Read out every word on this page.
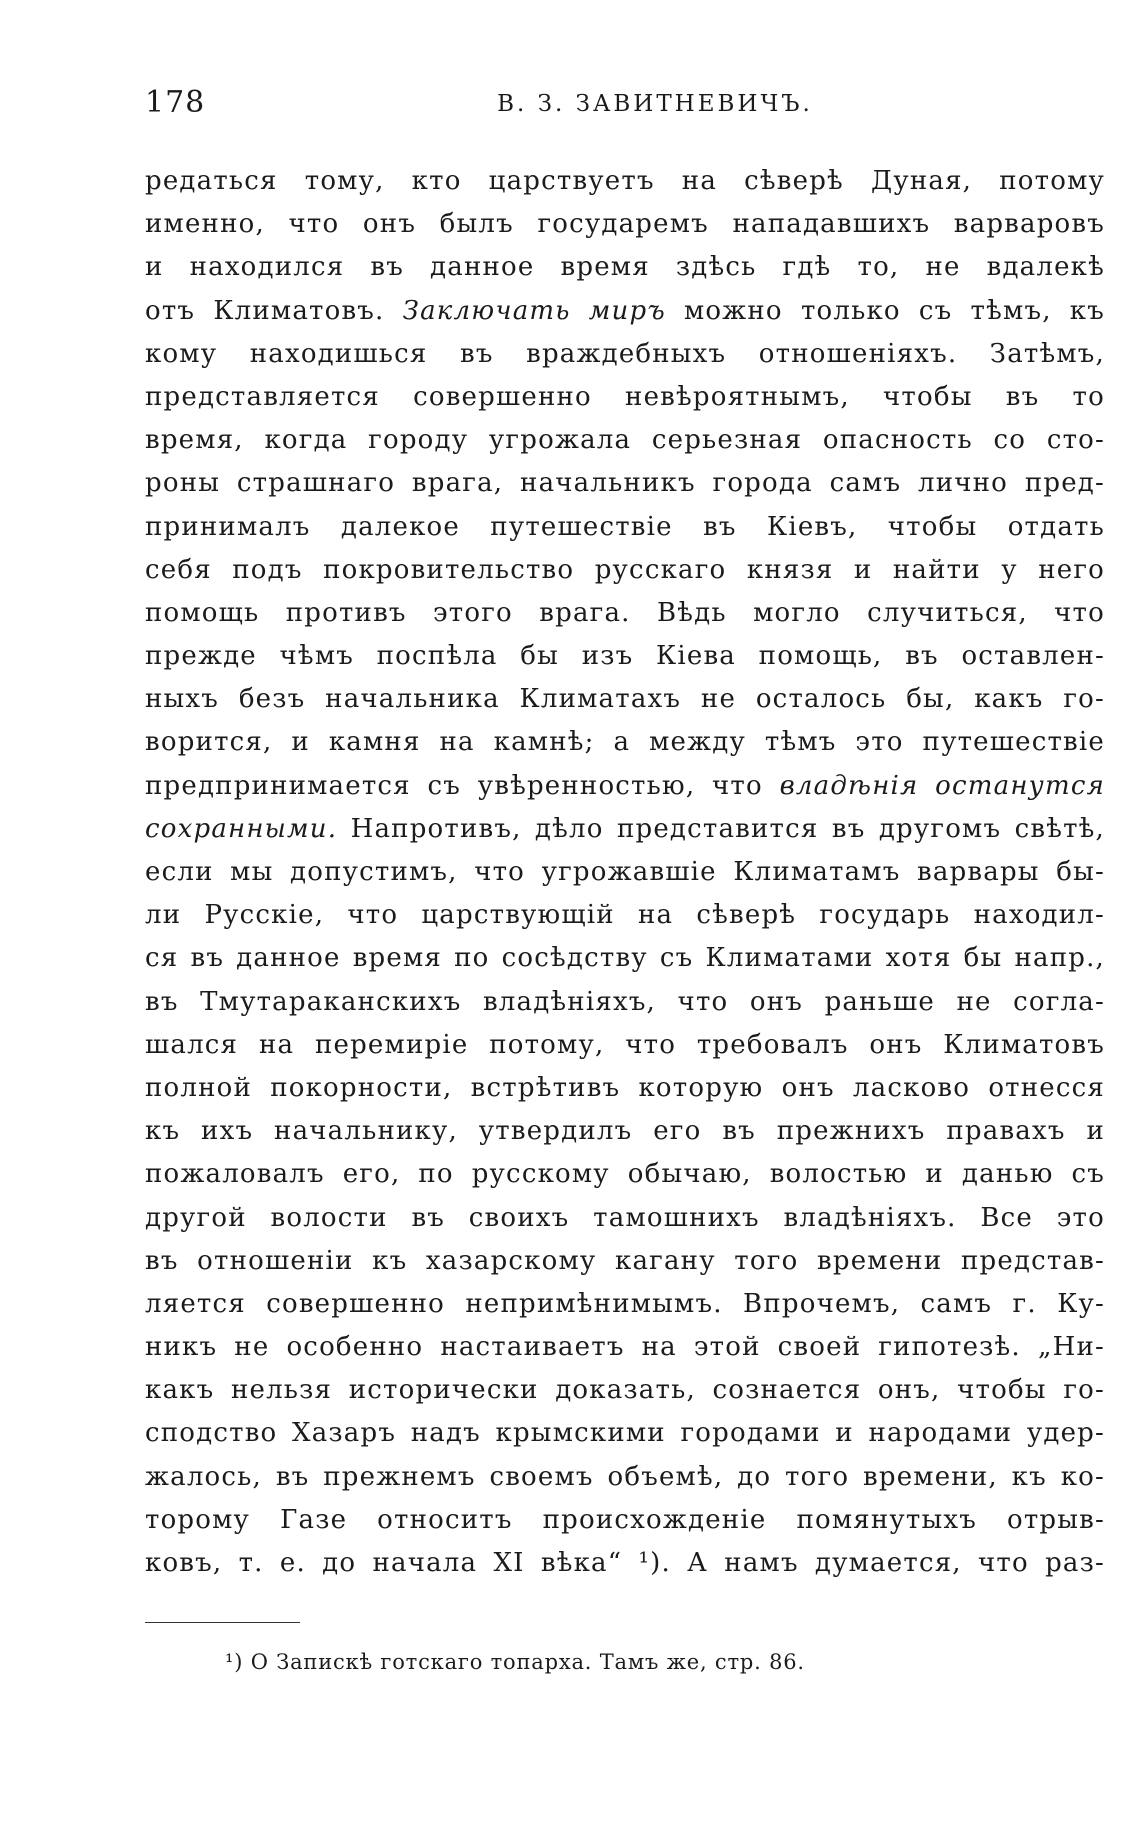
178	В. З. ЗАВИТНЕВИЧЪ.
редаться тому, кто царствуетъ на сѣверѣ Дуная, потому
именно, что онъ былъ государемъ нападавшихъ варваровъ
и находился въ данное время здѣсь гдѣ то, не вдалекѣ
отъ Климатовъ. Заключать миръ можно только съ тѣмъ, къ
кому находишься въ враждебныхъ отношеніяхъ. Затѣмъ,
представляется совершенно невѣроятнымъ, чтобы въ то
время, когда городу угрожала серьезная опасность со сто-
роны страшнаго врага, начальникъ города самъ лично пред-
принималъ далекое путешествіе въ Кіевъ, чтобы отдать
себя подъ покровительство русскаго князя и найти у него
помощь противъ этого врага. Вѣдь могло случиться, что
прежде чѣмъ поспѣла бы изъ Кіева помощь, въ оставлен-
ныхъ безъ начальника Климатахъ не осталось бы, какъ го-
ворится, и камня на камнѣ; а между тѣмъ это путешествіе
предпринимается съ увѣренностью, что владѣнія останутся
сохранными. Напротивъ, дѣло представится въ другомъ свѣтѣ,
если мы допустимъ, что угрожавшіе Климатамъ варвары бы-
ли Русскіе, что царствующій на сѣверѣ государь находил-
ся въ данное время по сосѣдству съ Климатами хотя бы напр.,
въ Тмутараканскихъ владѣніяхъ, что онъ раньше не согла-
шался на перемиріе потому, что требовалъ онъ Климатовъ
полной покорности, встрѣтивъ которую онъ ласково отнесся
къ ихъ начальнику, утвердилъ его въ прежнихъ правахъ и
пожаловалъ его, по русскому обычаю, волостью и данью съ
другой волости въ своихъ тамошнихъ владѣніяхъ. Все это
въ отношеніи къ хазарскому кагану того времени представ-
ляется совершенно непримѣнимымъ. Впрочемъ, самъ г. Ку-
никъ не особенно настаиваетъ на этой своей гипотезѣ. „Ни-
какъ нельзя исторически доказать, сознается онъ, чтобы го-
сподство Хазаръ надъ крымскими городами и народами удер-
жалось, въ прежнемъ своемъ объемѣ, до того времени, къ ко-
торому Газе относитъ происхожденіе помянутыхъ отрыв-
ковъ, т. е. до начала XI вѣка“ ¹). А намъ думается, что раз-
¹) О Запискѣ готскаго топарха. Тамъ же, стр. 86.
